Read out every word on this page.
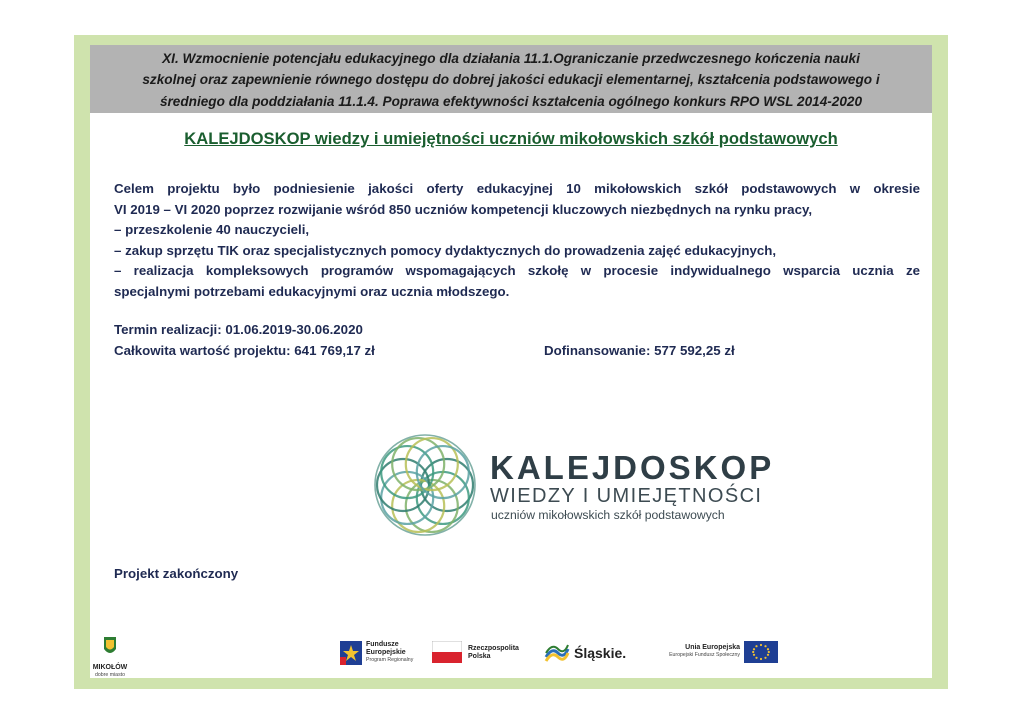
XI. Wzmocnienie potencjału edukacyjnego dla działania 11.1.Ograniczanie przedwczesnego kończenia nauki
szkolnej oraz zapewnienie równego dostępu do dobrej jakości edukacji elementarnej, kształcenia podstawowego i
średniego dla poddziałania 11.1.4. Poprawa efektywności kształcenia ogólnego konkurs RPO WSL 2014-2020
KALEJDOSKOP wiedzy i umiejętności uczniów mikołowskich szkół podstawowych
Celem projektu było podniesienie jakości oferty edukacyjnej 10 mikołowskich szkół podstawowych w okresie
VI 2019 – VI 2020 poprzez rozwijanie wśród 850 uczniów kompetencji kluczowych niezbędnych na rynku pracy,
– przeszkolenie 40 nauczycieli,
– zakup sprzętu TIK oraz specjalistycznych pomocy dydaktycznych do prowadzenia zajęć edukacyjnych,
– realizacja kompleksowych programów wspomagających szkołę w procesie indywidualnego wsparcia ucznia ze
specjalnymi potrzebami edukacyjnymi oraz ucznia młodszego.
Termin realizacji: 01.06.2019-30.06.2020
Całkowita wartość projektu: 641 769,17 zł	Dofinansowanie: 577 592,25 zł
KALEJDOSKOP
WIEDZY I UMIEJĘTNOŚCI
uczniów mikołowskich szkół podstawowych
Projekt zakończony
MIKOŁÓW
dobre miasto
Fundusze
Europejskie
Program Regionalny
Rzeczpospolita
Polska	Śląskie.	Unia Europejska
Europejski Fundusz Społeczny
